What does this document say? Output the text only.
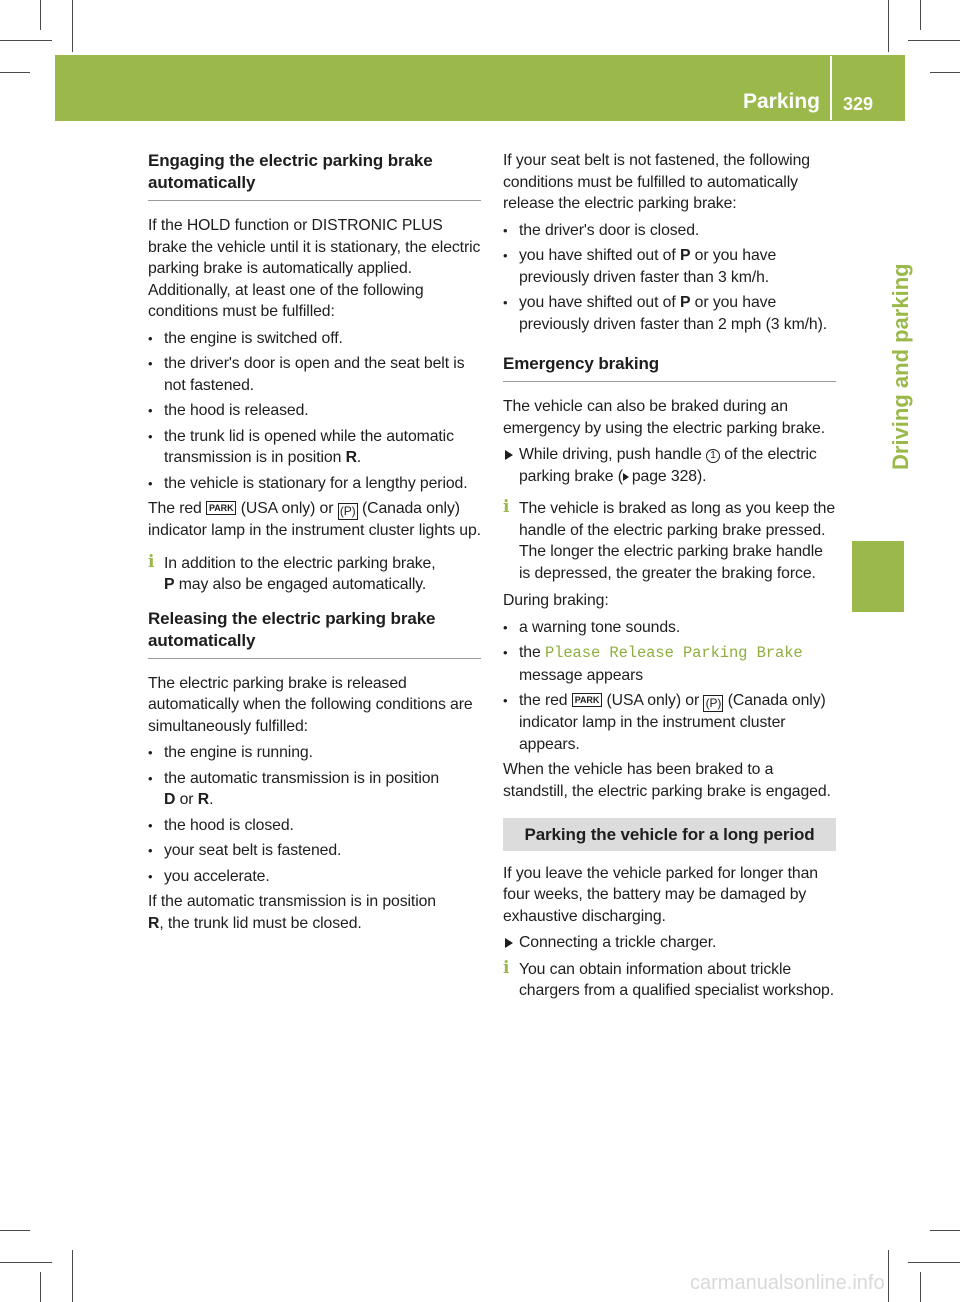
Parking 329
Driving and parking
Engaging the electric parking brake automatically

If the HOLD function or DISTRONIC PLUS brake the vehicle until it is stationary, the electric parking brake is automatically applied. Additionally, at least one of the following conditions must be fulfilled:

• the engine is switched off.
• the driver's door is open and the seat belt is not fastened.
• the hood is released.
• the trunk lid is opened while the automatic transmission is in position R.
• the vehicle is stationary for a lengthy period.

The red PARK (USA only) or (P) (Canada only) indicator lamp in the instrument cluster lights up.

i In addition to the electric parking brake,
P may also be engaged automatically.
Releasing the electric parking brake automatically

The electric parking brake is released automatically when the following conditions are simultaneously fulfilled:

• the engine is running.
• the automatic transmission is in position
D or R.
• the hood is closed.
• your seat belt is fastened.
• you accelerate.

If the automatic transmission is in position
R, the trunk lid must be closed.

If your seat belt is not fastened, the following conditions must be fulfilled to automatically release the electric parking brake:

• the driver's door is closed.
• you have shifted out of P or you have previously driven faster than 3 km/h.
• you have shifted out of P or you have previously driven faster than 2 mph (3 km/h).
Emergency braking

The vehicle can also be braked during an emergency by using the electric parking brake.

While driving, push handle 1 of the electric parking brake ( page 328).
i The vehicle is braked as long as you keep the handle of the electric parking brake pressed. The longer the electric parking brake handle is depressed, the greater the braking force.

During braking:

• a warning tone sounds.
• the Please Release Parking Brake
message appears
• the red PARK (USA only) or (P) (Canada only) indicator lamp in the instrument cluster appears.

When the vehicle has been braked to a standstill, the electric parking brake is engaged.

Parking the vehicle for a long period

If you leave the vehicle parked for longer than four weeks, the battery may be damaged by exhaustive discharging.

Connecting a trickle charger.
i You can obtain information about trickle chargers from a qualified specialist workshop.
carmanualsonline.info
